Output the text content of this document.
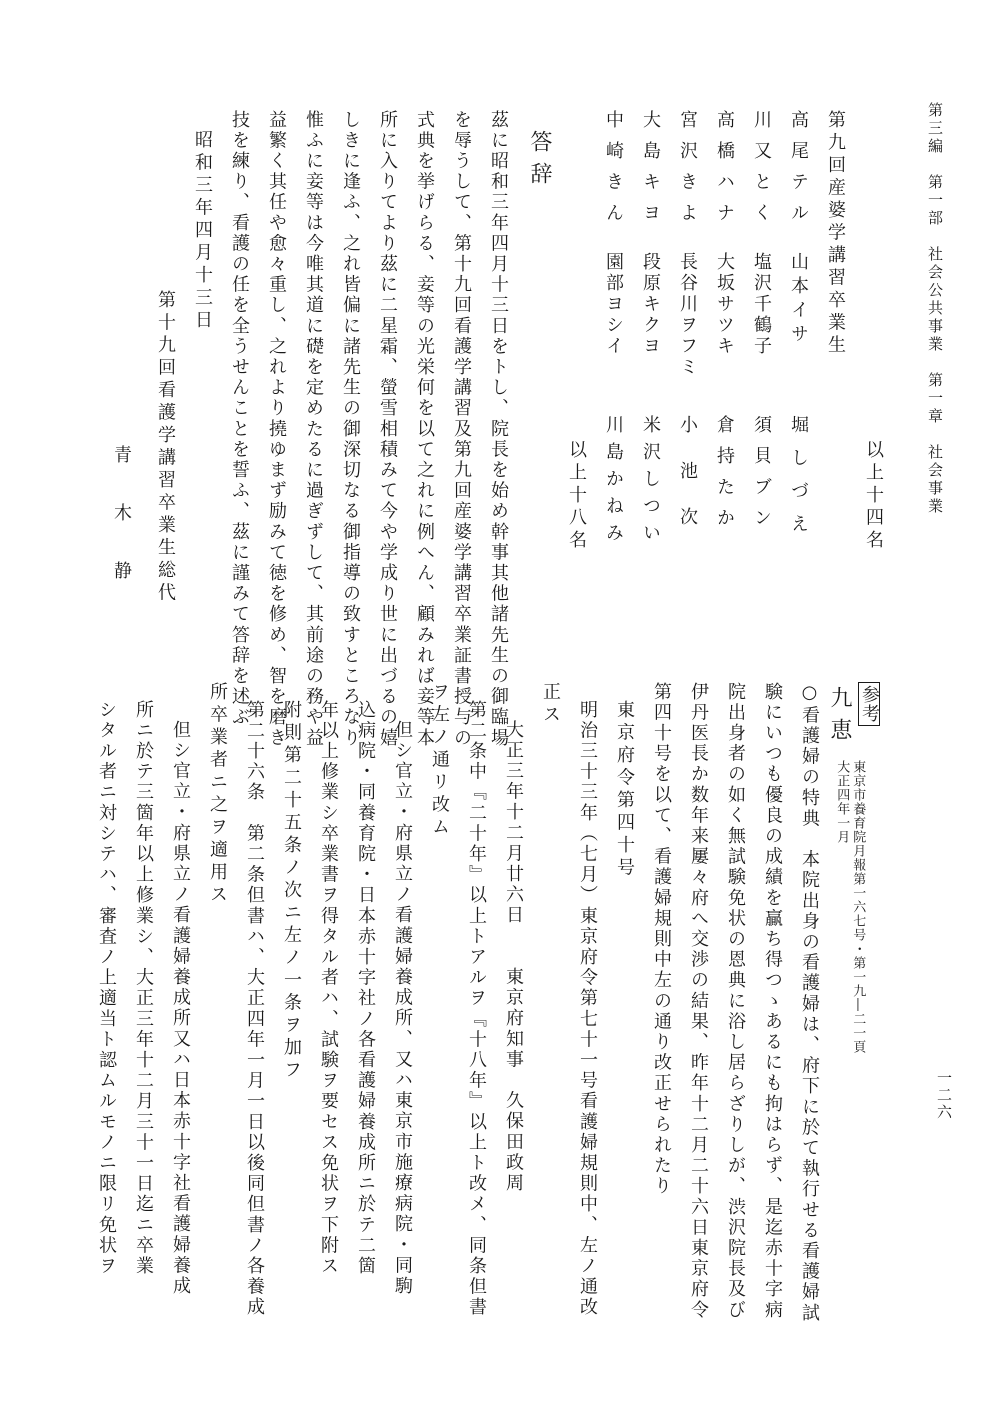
第三編　第一部　社会公共事業　第一章　社会事業
一二六
以上十四名
第九回産婆学講習卒業生
高尾テル
川又とく
高橋ハナ
宮沢きよ
大島キヨ
中崎きん
山本イサ
塩沢千鶴子
大坂サツキ
長谷川ヲフミ
段原キクヨ
園部ヨシイ
堀しづえ
須貝ブン
倉持たか
小池次
米沢しつい
川島かねみ
以上十八名
答辞
茲に昭和三年四月十三日をトし、院長を始め幹事其他諸先生の御臨場
を辱うして、第十九回看護学講習及第九回産婆学講習卒業証書授与の
式典を挙げらる、妾等の光栄何を以て之れに例へん、顧みれば妾等本
所に入りてより茲に二星霜、螢雪相積みて今や学成り世に出づるの嬉
しきに逢ふ、之れ皆偏に諸先生の御深切なる御指導の致すところなり
惟ふに妾等は今唯其道に礎を定めたるに過ぎずして、其前途の務や益
益繁く其任や愈々重し、之れより撓ゆまず励みて徳を修め、智を磨き
技を練り、看護の任を全うせんことを誓ふ、茲に謹みて答辞を述ぶ
昭和三年四月十三日
第十九回看護学講習卒業生総代
青木静
参考
九恵
東京市養育院月報第一六七号・第一九―二一頁
大正四年一月
○看護婦の特典　本院出身の看護婦は、府下に於て執行せる看護婦試
験にいつも優良の成績を贏ち得つゝあるにも拘はらず、是迄赤十字病
院出身者の如く無試験免状の恩典に浴し居らざりしが、渋沢院長及び
伊丹医長か数年来屢々府へ交渉の結果、昨年十二月二十六日東京府令
第四十号を以て、看護婦規則中左の通り改正せられたり
東京府令第四十号
明治三十三年（七月）東京府令第七十一号看護婦規則中、左ノ通改
正ス
大正三年十二月廿六日　　東京府知事　久保田政周
第二条中『二十年』以上トアルヲ『十八年』以上ト改メ、同条但書
ヲ左ノ通リ改ム
但シ官立・府県立ノ看護婦養成所、又ハ東京市施療病院・同駒
込病院・同養育院・日本赤十字社ノ各看護婦養成所ニ於テ二箇
年以上修業シ卒業書ヲ得タル者ハ、試験ヲ要セス免状ヲ下附ス
附則第二十五条ノ次ニ左ノ一条ヲ加フ
第二十六条　第二条但書ハ、大正四年一月一日以後同但書ノ各養成
所卒業者ニ之ヲ適用ス
但シ官立・府県立ノ看護婦養成所又ハ日本赤十字社看護婦養成
所ニ於テ三箇年以上修業シ、大正三年十二月三十一日迄ニ卒業
シタル者ニ対シテハ、審査ノ上適当ト認ムルモノニ限リ免状ヲ
